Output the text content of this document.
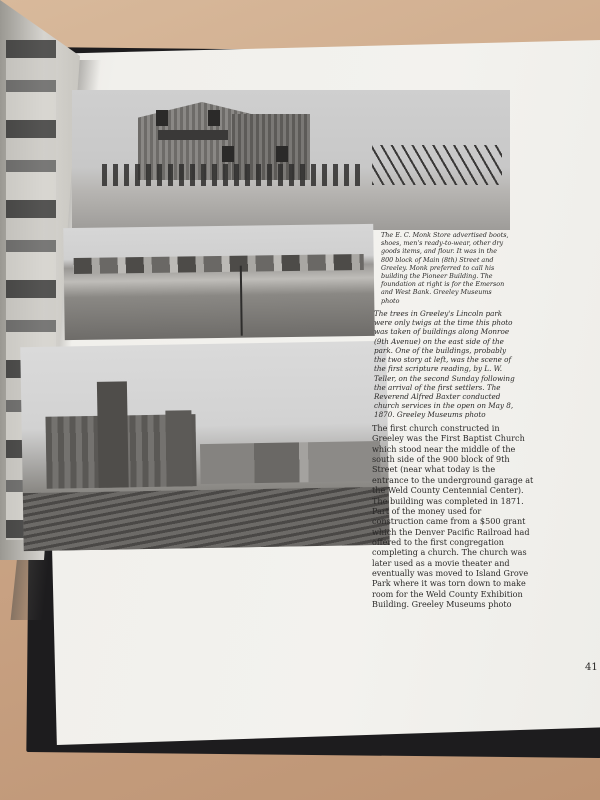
The E. C. Monk Store advertised boots, shoes, men's ready-to-wear, other dry goods items, and flour. It was in the 800 block of Main (8th) Street and Greeley. Monk preferred to call his building the Pioneer Building. The foundation at right is for the Emerson and West Bank. Greeley Museums photo
The trees in Greeley's Lincoln park were only twigs at the time this photo was taken of buildings along Monroe (9th Avenue) on the east side of the park. One of the buildings, probably the two story at left, was the scene of the first scripture reading, by L. W. Teller, on the second Sunday following the arrival of the first settlers. The Reverend Alfred Baxter conducted church services in the open on May 8, 1870. Greeley Museums photo
The first church constructed in Greeley was the First Baptist Church which stood near the middle of the south side of the 900 block of 9th Street (near what today is the entrance to the underground garage at the Weld County Centennial Center). The building was completed in 1871. Part of the money used for construction came from a $500 grant which the Denver Pacific Railroad had offered to the first congregation completing a church. The church was later used as a movie theater and eventually was moved to Island Grove Park where it was torn down to make room for the Weld County Exhibition Building. Greeley Museums photo
41
